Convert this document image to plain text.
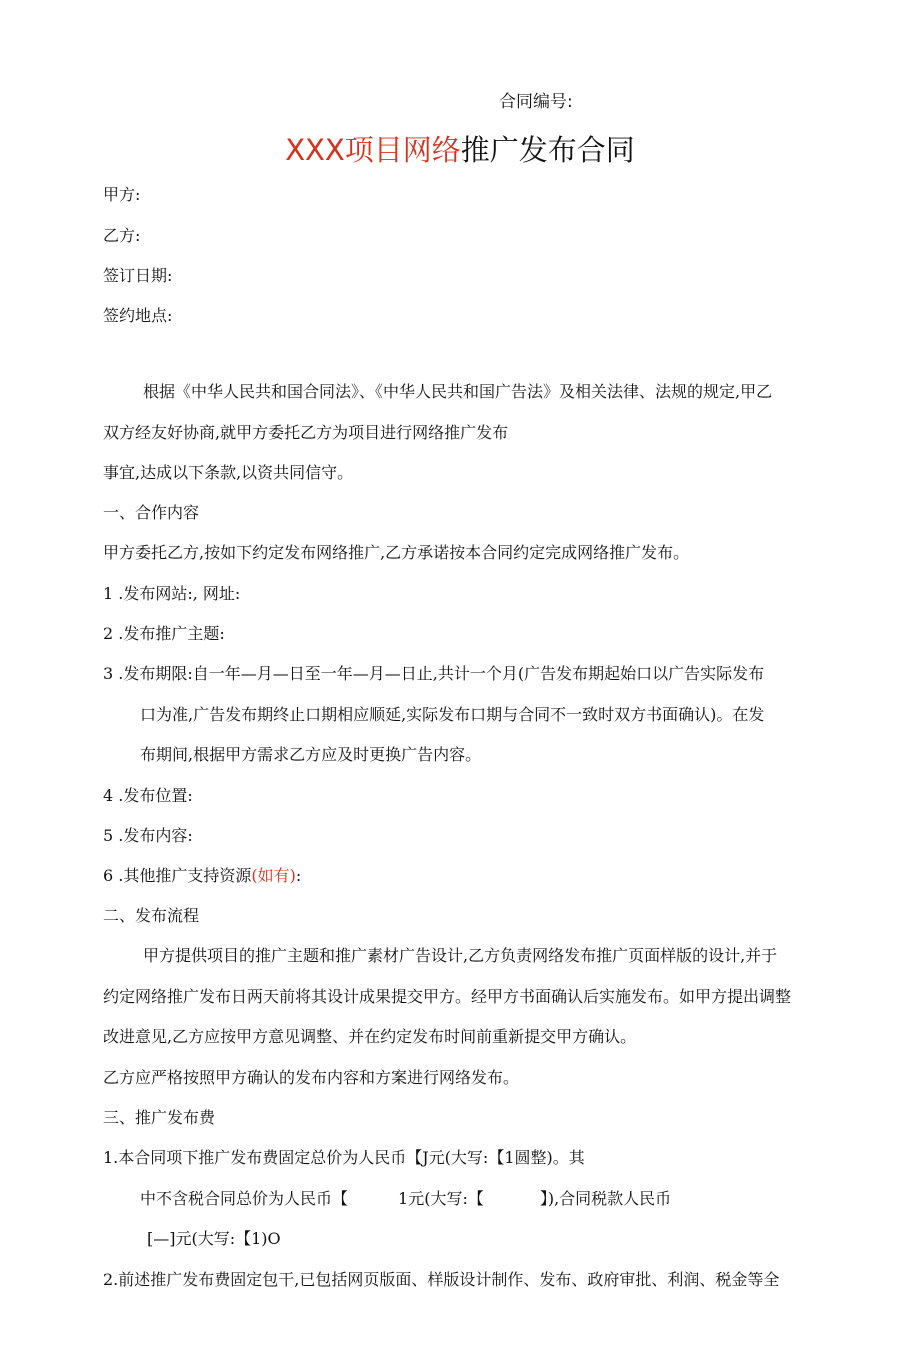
合同编号:
XXX项目网络推广发布合同
甲方:
乙方:
签订日期:
签约地点:
根据《中华人民共和国合同法》、《中华人民共和国广告法》及相关法律、法规的规定,甲乙
双方经友好协商,就甲方委托乙方为项目进行网络推广发布
事宜,达成以下条款,以资共同信守。
一、合作内容
甲方委托乙方,按如下约定发布网络推广,乙方承诺按本合同约定完成网络推广发布。
1 .发布网站:, 网址:
2 .发布推广主题:
3 .发布期限:自一年—月—日至一年—月—日止,共计一个月(广告发布期起始口以广告实际发布
口为准,广告发布期终止口期相应顺延,实际发布口期与合同不一致时双方书面确认)。在发
布期间,根据甲方需求乙方应及时更换广告内容。
4 .发布位置:
5 .发布内容:
6 .其他推广支持资源(如有):
二、发布流程
甲方提供项目的推广主题和推广素材广告设计,乙方负责网络发布推广页面样版的设计,并于
约定网络推广发布日两天前将其设计成果提交甲方。经甲方书面确认后实施发布。如甲方提出调整
改进意见,乙方应按甲方意见调整、并在约定发布时间前重新提交甲方确认。
乙方应严格按照甲方确认的发布内容和方案进行网络发布。
三、推广发布费
1.本合同项下推广发布费固定总价为人民币【J元(大写:【1圆整)。其
中不含税合同总价为人民币【	1元(大写:【	】),合同税款人民币
[—]元(大写:【1)O
2.前述推广发布费固定包干,已包括网页版面、样版设计制作、发布、政府审批、利润、税金等全
